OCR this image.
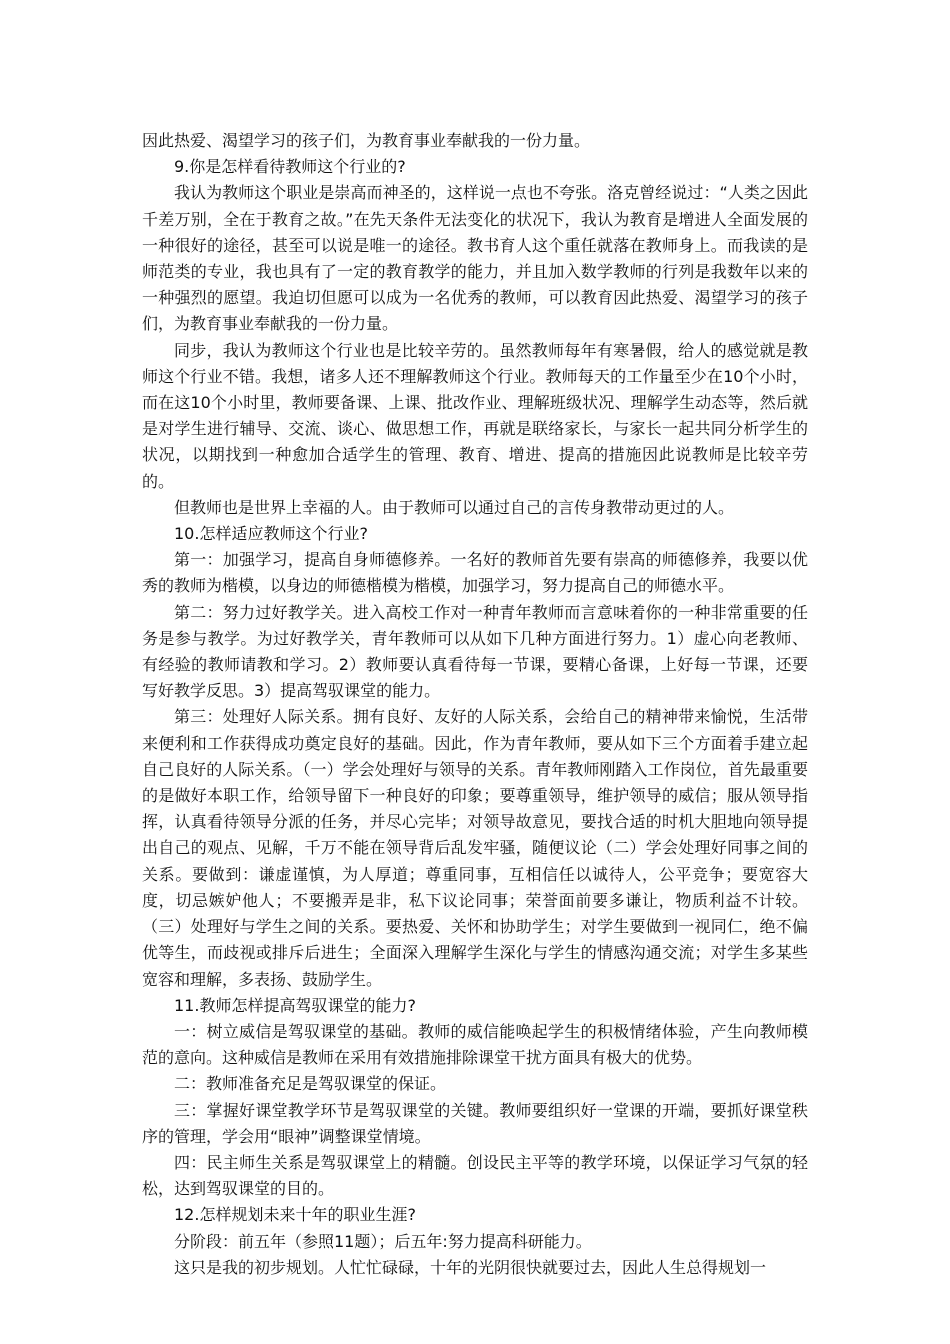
因此热爱、渴望学习的孩子们，为教育事业奉献我的一份力量。

9.你是怎样看待教师这个行业的?

我认为教师这个职业是崇高而神圣的，这样说一点也不夸张。洛克曾经说过：“人类之因此千差万别，全在于教育之故。”在先天条件无法变化的状况下，我认为教育是增进人全面发展的一种很好的途径，甚至可以说是唯一的途径。教书育人这个重任就落在教师身上。而我读的是师范类的专业，我也具有了一定的教育教学的能力，并且加入数学教师的行列是我数年以来的一种强烈的愿望。我迫切但愿可以成为一名优秀的教师，可以教育因此热爱、渴望学习的孩子们，为教育事业奉献我的一份力量。

同步，我认为教师这个行业也是比较辛劳的。虽然教师每年有寒暑假，给人的感觉就是教师这个行业不错。我想，诸多人还不理解教师这个行业。教师每天的工作量至少在10个小时，而在这10个小时里，教师要备课、上课、批改作业、理解班级状况、理解学生动态等，然后就是对学生进行辅导、交流、谈心、做思想工作，再就是联络家长，与家长一起共同分析学生的状况，以期找到一种愈加合适学生的管理、教育、增进、提高的措施因此说教师是比较辛劳的。

但教师也是世界上幸福的人。由于教师可以通过自己的言传身教带动更过的人。

10.怎样适应教师这个行业?

第一：加强学习，提高自身师德修养。一名好的教师首先要有崇高的师德修养，我要以优秀的教师为楷模，以身边的师德楷模为楷模，加强学习，努力提高自己的师德水平。

第二：努力过好教学关。进入高校工作对一种青年教师而言意味着你的一种非常重要的任务是参与教学。为过好教学关，青年教师可以从如下几种方面进行努力。1）虚心向老教师、有经验的教师请教和学习。2）教师要认真看待每一节课，要精心备课，上好每一节课，还要写好教学反思。3）提高驾驭课堂的能力。

第三：处理好人际关系。拥有良好、友好的人际关系，会给自己的精神带来愉悦，生活带来便利和工作获得成功奠定良好的基础。因此，作为青年教师，要从如下三个方面着手建立起自己良好的人际关系。（一）学会处理好与领导的关系。青年教师刚踏入工作岗位，首先最重要的是做好本职工作，给领导留下一种良好的印象；要尊重领导，维护领导的威信；服从领导指挥，认真看待领导分派的任务，并尽心完毕；对领导故意见，要找合适的时机大胆地向领导提出自己的观点、见解，千万不能在领导背后乱发牢骚，随便议论（二）学会处理好同事之间的关系。要做到：谦虚谨慎，为人厚道；尊重同事，互相信任以诚待人，公平竞争；要宽容大度，切忌嫉妒他人；不要搬弄是非，私下议论同事；荣誉面前要多谦让，物质利益不计较。（三）处理好与学生之间的关系。要热爱、关怀和协助学生；对学生要做到一视同仁，绝不偏优等生，而歧视或排斥后进生；全面深入理解学生深化与学生的情感沟通交流；对学生多某些宽容和理解，多表扬、鼓励学生。

11.教师怎样提高驾驭课堂的能力?

一：树立威信是驾驭课堂的基础。教师的威信能唤起学生的积极情绪体验，产生向教师模范的意向。这种威信是教师在采用有效措施排除课堂干扰方面具有极大的优势。

二：教师准备充足是驾驭课堂的保证。

三：掌握好课堂教学环节是驾驭课堂的关键。教师要组织好一堂课的开端，要抓好课堂秩序的管理，学会用“眼神”调整课堂情境。

四：民主师生关系是驾驭课堂上的精髓。创设民主平等的教学环境，以保证学习气氛的轻松，达到驾驭课堂的目的。

12.怎样规划未来十年的职业生涯?

分阶段：前五年（参照11题）；后五年:努力提高科研能力。

这只是我的初步规划。人忙忙碌碌，十年的光阴很快就要过去，因此人生总得规划一
